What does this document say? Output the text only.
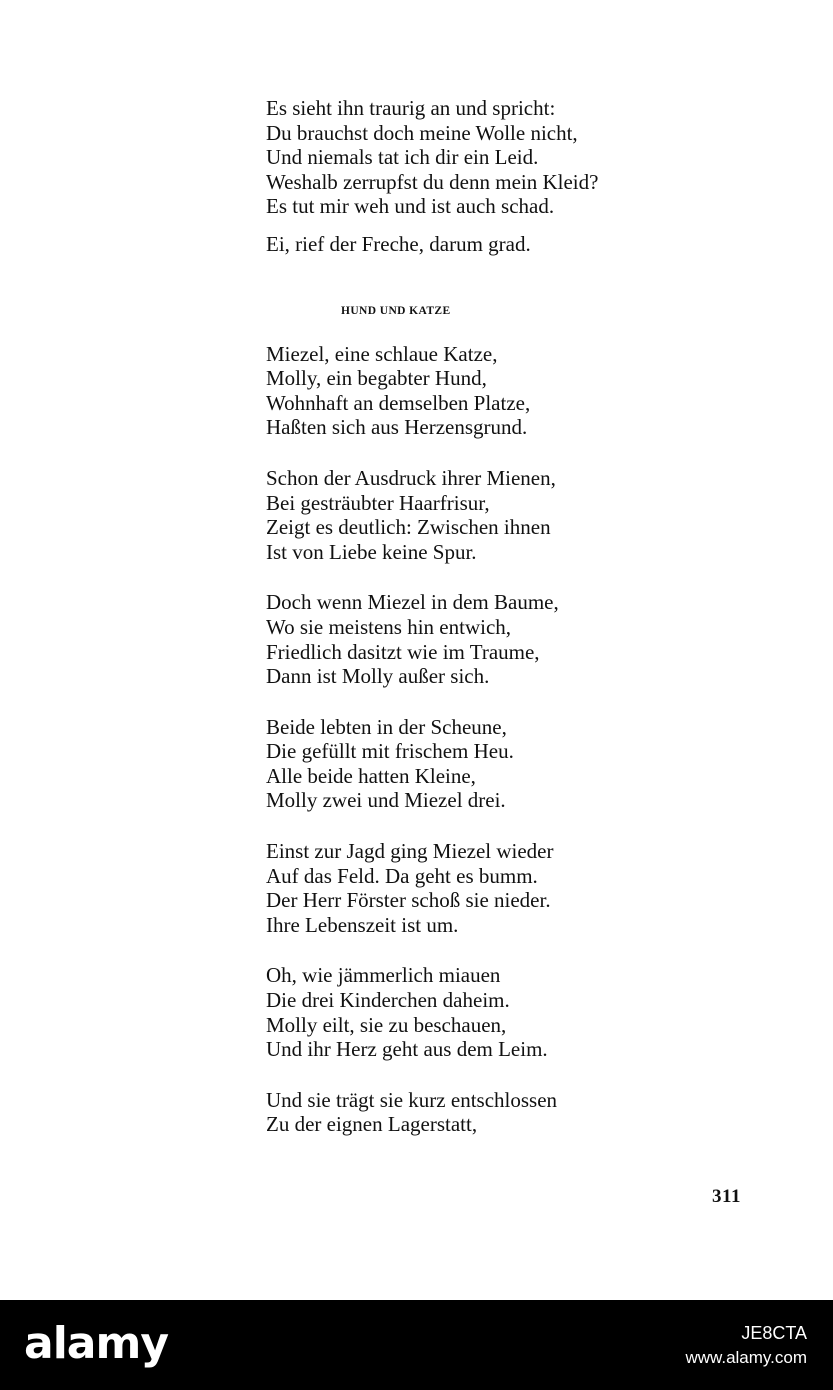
Es sieht ihn traurig an und spricht:
Du brauchst doch meine Wolle nicht,
Und niemals tat ich dir ein Leid.
Weshalb zerrupfst du denn mein Kleid?
Es tut mir weh und ist auch schad.
Ei, rief der Freche, darum grad.
HUND UND KATZE
Miezel, eine schlaue Katze,
Molly, ein begabter Hund,
Wohnhaft an demselben Platze,
Haßten sich aus Herzensgrund.
Schon der Ausdruck ihrer Mienen,
Bei gesträubter Haarfrisur,
Zeigt es deutlich: Zwischen ihnen
Ist von Liebe keine Spur.
Doch wenn Miezel in dem Baume,
Wo sie meistens hin entwich,
Friedlich dasitzt wie im Traume,
Dann ist Molly außer sich.
Beide lebten in der Scheune,
Die gefüllt mit frischem Heu.
Alle beide hatten Kleine,
Molly zwei und Miezel drei.
Einst zur Jagd ging Miezel wieder
Auf das Feld. Da geht es bumm.
Der Herr Förster schoß sie nieder.
Ihre Lebenszeit ist um.
Oh, wie jämmerlich miauen
Die drei Kinderchen daheim.
Molly eilt, sie zu beschauen,
Und ihr Herz geht aus dem Leim.
Und sie trägt sie kurz entschlossen
Zu der eignen Lagerstatt,
311
alamy	JE8CTA
www.alamy.com
